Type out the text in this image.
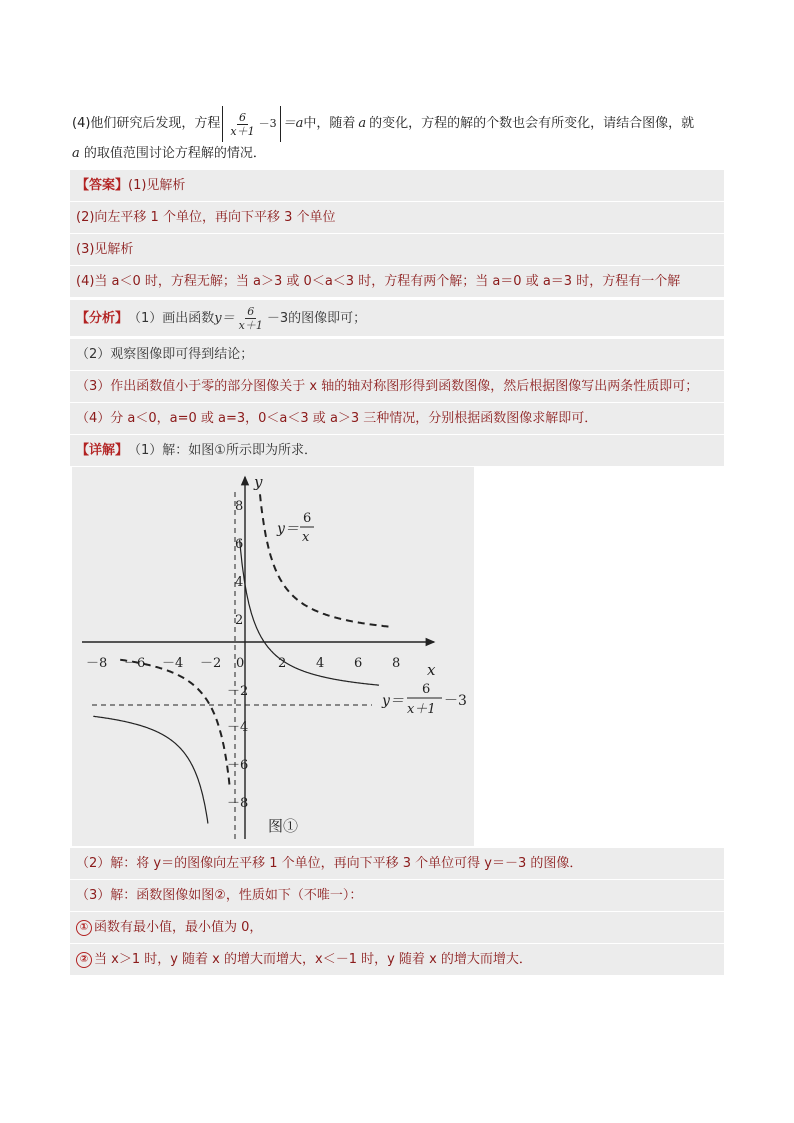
(4)他们研究后发现，方程 $\frac{6}{x+1} -3 =a$ 中，随着 a 的变化，方程的解的个数也会有所变化，请结合图像，就
a 的取值范围讨论方程解的情况．
【答案】 (1)见解析
(2)向左平移 1 个单位，再向下平移 3 个单位
(3)见解析
(4)当 a＜0 时，方程无解；当 a＞3 或 0＜a＜3 时，方程有两个解；当 a＝0 或 a＝3 时，方程有一个解
【分析】 （1）画出函数 $y= \frac{6}{x+1} -3$的图像即可；
（2）观察图像即可得到结论；
（3）作出函数值小于零的部分图像关于 x 轴的轴对称图形得到函数图像，然后根据图像写出两条性质即可；
（4）分 a＜0，a=0 或 a=3，0＜a＜3 或 a＞3 三种情况，分别根据函数图像求解即可．
【详解】 （1）解：如图①所示即为所求．
－8 －6 －4 －2 0	2 4 6 8
8
6
4
2
－2
－4
－6
－8
x
y
y＝
6
x
y＝
6
x＋1
－3
图①
（2）解：将 y＝的图像向左平移 1 个单位，再向下平移 3 个单位可得 y＝－3 的图像．
（3）解：函数图像如图②，性质如下（不唯一）：
① 函数有最小值，最小值为 0，
② 当 x＞1 时，y 随着 x 的增大而增大，x＜－1 时，y 随着 x 的增大而增大．
